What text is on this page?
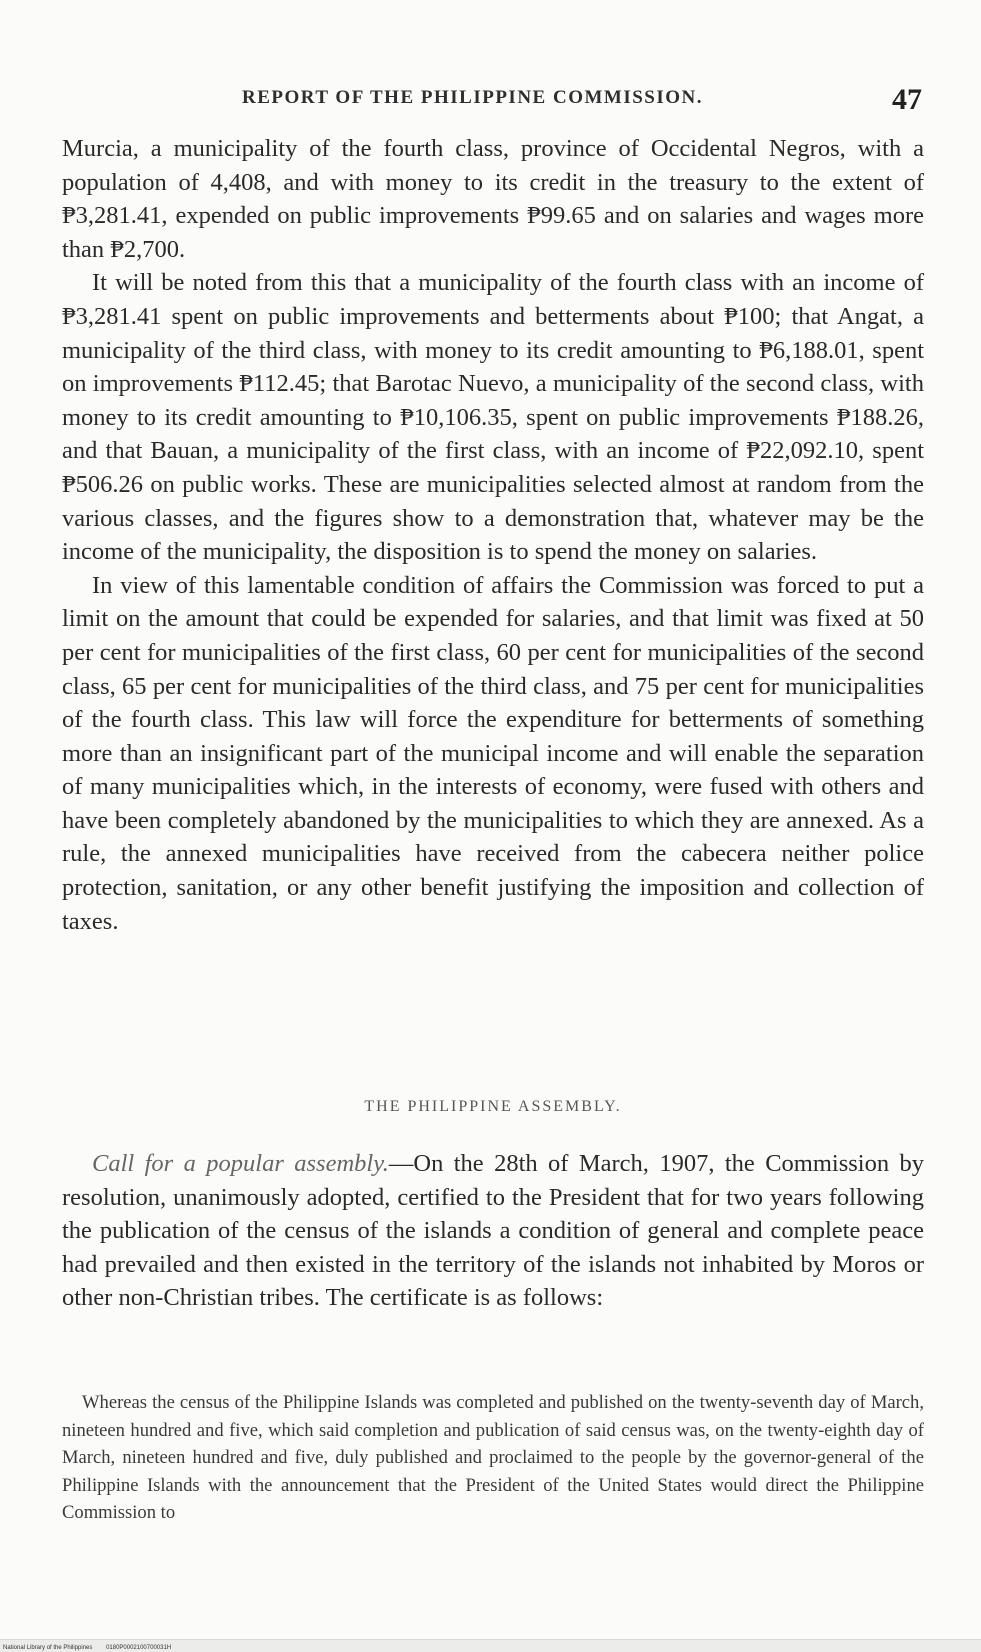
REPORT OF THE PHILIPPINE COMMISSION.	47

Murcia, a municipality of the fourth class, province of Occidental Negros, with a population of 4,408, and with money to its credit in the treasury to the extent of ₱3,281.41, expended on public improvements ₱99.65 and on salaries and wages more than ₱2,700.

It will be noted from this that a municipality of the fourth class with an income of ₱3,281.41 spent on public improvements and betterments about ₱100; that Angat, a municipality of the third class, with money to its credit amounting to ₱6,188.01, spent on improvements ₱112.45; that Barotac Nuevo, a municipality of the second class, with money to its credit amounting to ₱10,106.35, spent on public improvements ₱188.26, and that Bauan, a municipality of the first class, with an income of ₱22,092.10, spent ₱506.26 on public works. These are municipalities selected almost at random from the various classes, and the figures show to a demonstration that, whatever may be the income of the municipality, the disposition is to spend the money on salaries.

In view of this lamentable condition of affairs the Commission was forced to put a limit on the amount that could be expended for salaries, and that limit was fixed at 50 per cent for municipalities of the first class, 60 per cent for municipalities of the second class, 65 per cent for municipalities of the third class, and 75 per cent for municipalities of the fourth class. This law will force the expenditure for betterments of something more than an insignificant part of the municipal income and will enable the separation of many municipalities which, in the interests of economy, were fused with others and have been completely abandoned by the municipalities to which they are annexed. As a rule, the annexed municipalities have received from the cabecera neither police protection, sanitation, or any other benefit justifying the imposition and collection of taxes.

THE PHILIPPINE ASSEMBLY.

Call for a popular assembly.—On the 28th of March, 1907, the Commission by resolution, unanimously adopted, certified to the President that for two years following the publication of the census of the islands a condition of general and complete peace had prevailed and then existed in the territory of the islands not inhabited by Moros or other non-Christian tribes. The certificate is as follows:

Whereas the census of the Philippine Islands was completed and published on the twenty-seventh day of March, nineteen hundred and five, which said completion and publication of said census was, on the twenty-eighth day of March, nineteen hundred and five, duly published and proclaimed to the people by the governor-general of the Philippine Islands with the announcement that the President of the United States would direct the Philippine Commission to

National Library of the Philippines 0180P0002100700031H
